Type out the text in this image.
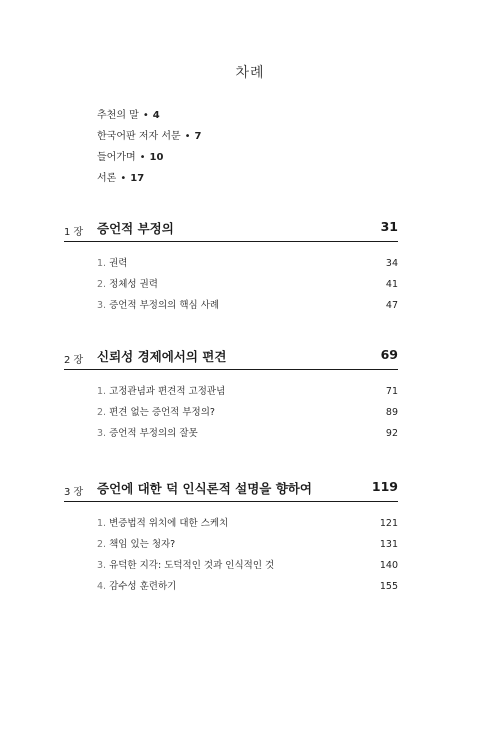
차례
추천의 말 • 4
한국어판 저자 서문 • 7
들어가며 • 10
서론 • 17
1 장 증언적 부정의	31
1. 권력	34
2. 정체성 권력	41
3. 증언적 부정의의 핵심 사례	47
2 장 신뢰성 경제에서의 편견	69
1. 고정관념과 편견적 고정관념	71
2. 편견 없는 증언적 부정의?	89
3. 증언적 부정의의 잘못	92
3 장 증언에 대한 덕 인식론적 설명을 향하여	119
1. 변증법적 위치에 대한 스케치	121
2. 책임 있는 청자?	131
3. 유덕한 지각: 도덕적인 것과 인식적인 것	140
4. 감수성 훈련하기	155
